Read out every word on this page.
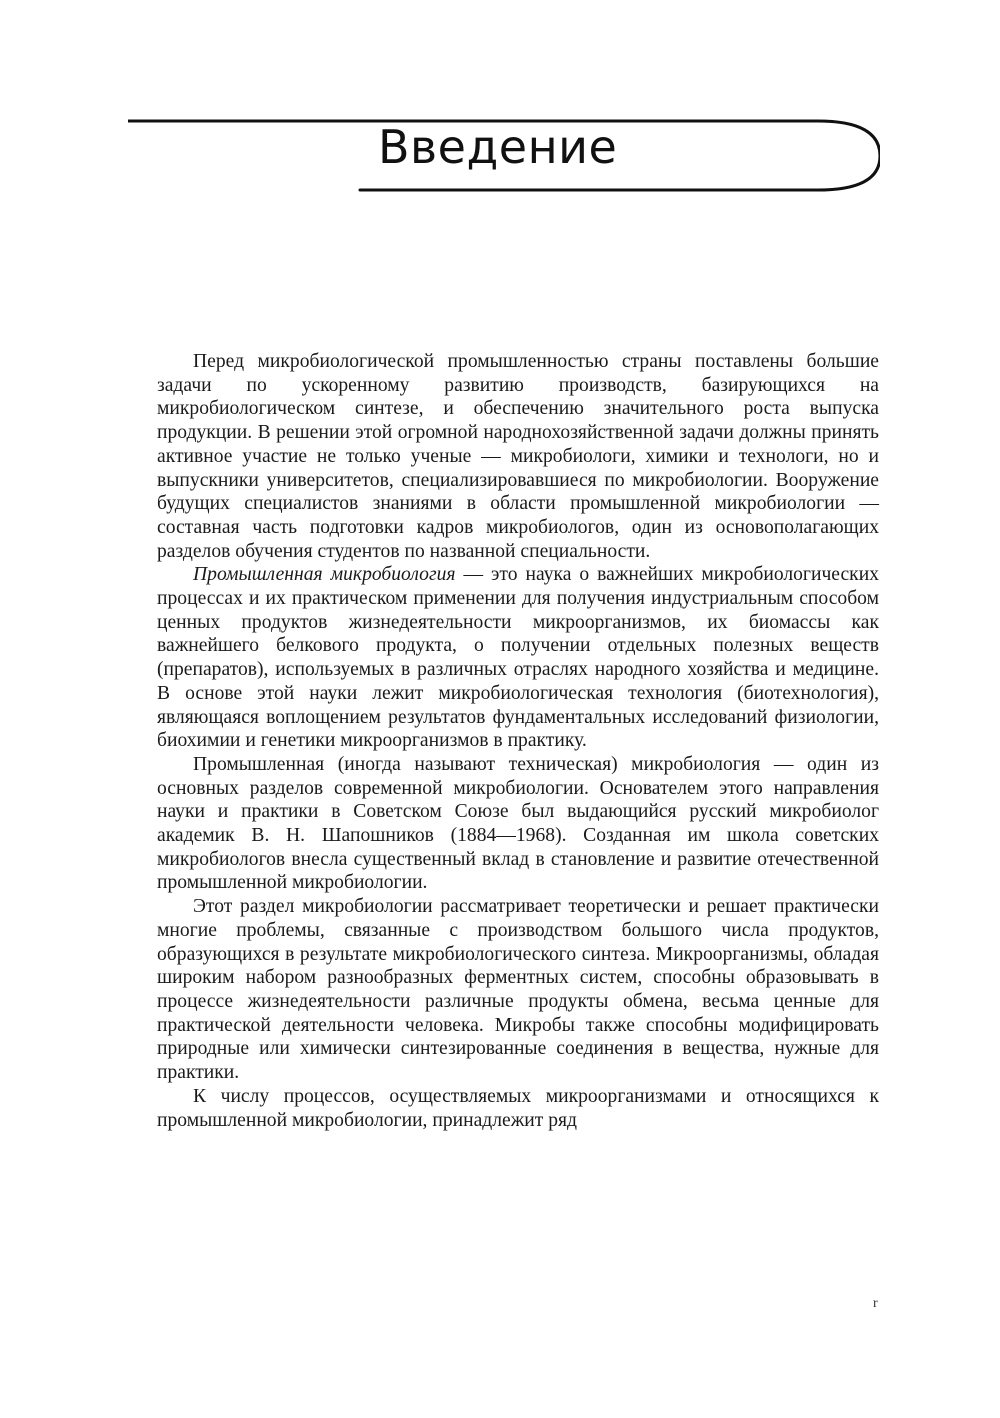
Введение

Перед микробиологической промышленностью страны поставлены большие задачи по ускоренному развитию производств, базирующихся на микробиологическом синтезе, и обеспечению значительного роста выпуска продукции. В решении этой огромной народнохозяйственной задачи должны принять активное участие не только ученые — микробиологи, химики и технологи, но и выпускники университетов, специализировавшиеся по микробиологии. Вооружение будущих специалистов знаниями в области промышленной микробиологии — составная часть подготовки кадров микробиологов, один из основополагающих разделов обучения студентов по названной специальности.

Промышленная микробиология — это наука о важнейших микробиологических процессах и их практическом применении для получения индустриальным способом ценных продуктов жизнедеятельности микроорганизмов, их биомассы как важнейшего белкового продукта, о получении отдельных полезных веществ (препаратов), используемых в различных отраслях народного хозяйства и медицине. В основе этой науки лежит микробиологическая технология (биотехнология), являющаяся воплощением результатов фундаментальных исследований физиологии, биохимии и генетики микроорганизмов в практику.

Промышленная (иногда называют техническая) микробиология — один из основных разделов современной микробиологии. Основателем этого направления науки и практики в Советском Союзе был выдающийся русский микробиолог академик В. Н. Шапошников (1884—1968). Созданная им школа советских микробиологов внесла существенный вклад в становление и развитие отечественной промышленной микробиологии.

Этот раздел микробиологии рассматривает теоретически и решает практически многие проблемы, связанные с производством большого числа продуктов, образующихся в результате микробиологического синтеза. Микроорганизмы, обладая широким набором разнообразных ферментных систем, способны образовывать в процессе жизнедеятельности различные продукты обмена, весьма ценные для практической деятельности человека. Микробы также способны модифицировать природные или химически синтезированные соединения в вещества, нужные для практики.

К числу процессов, осуществляемых микроорганизмами и относящихся к промышленной микробиологии, принадлежит ряд

r
